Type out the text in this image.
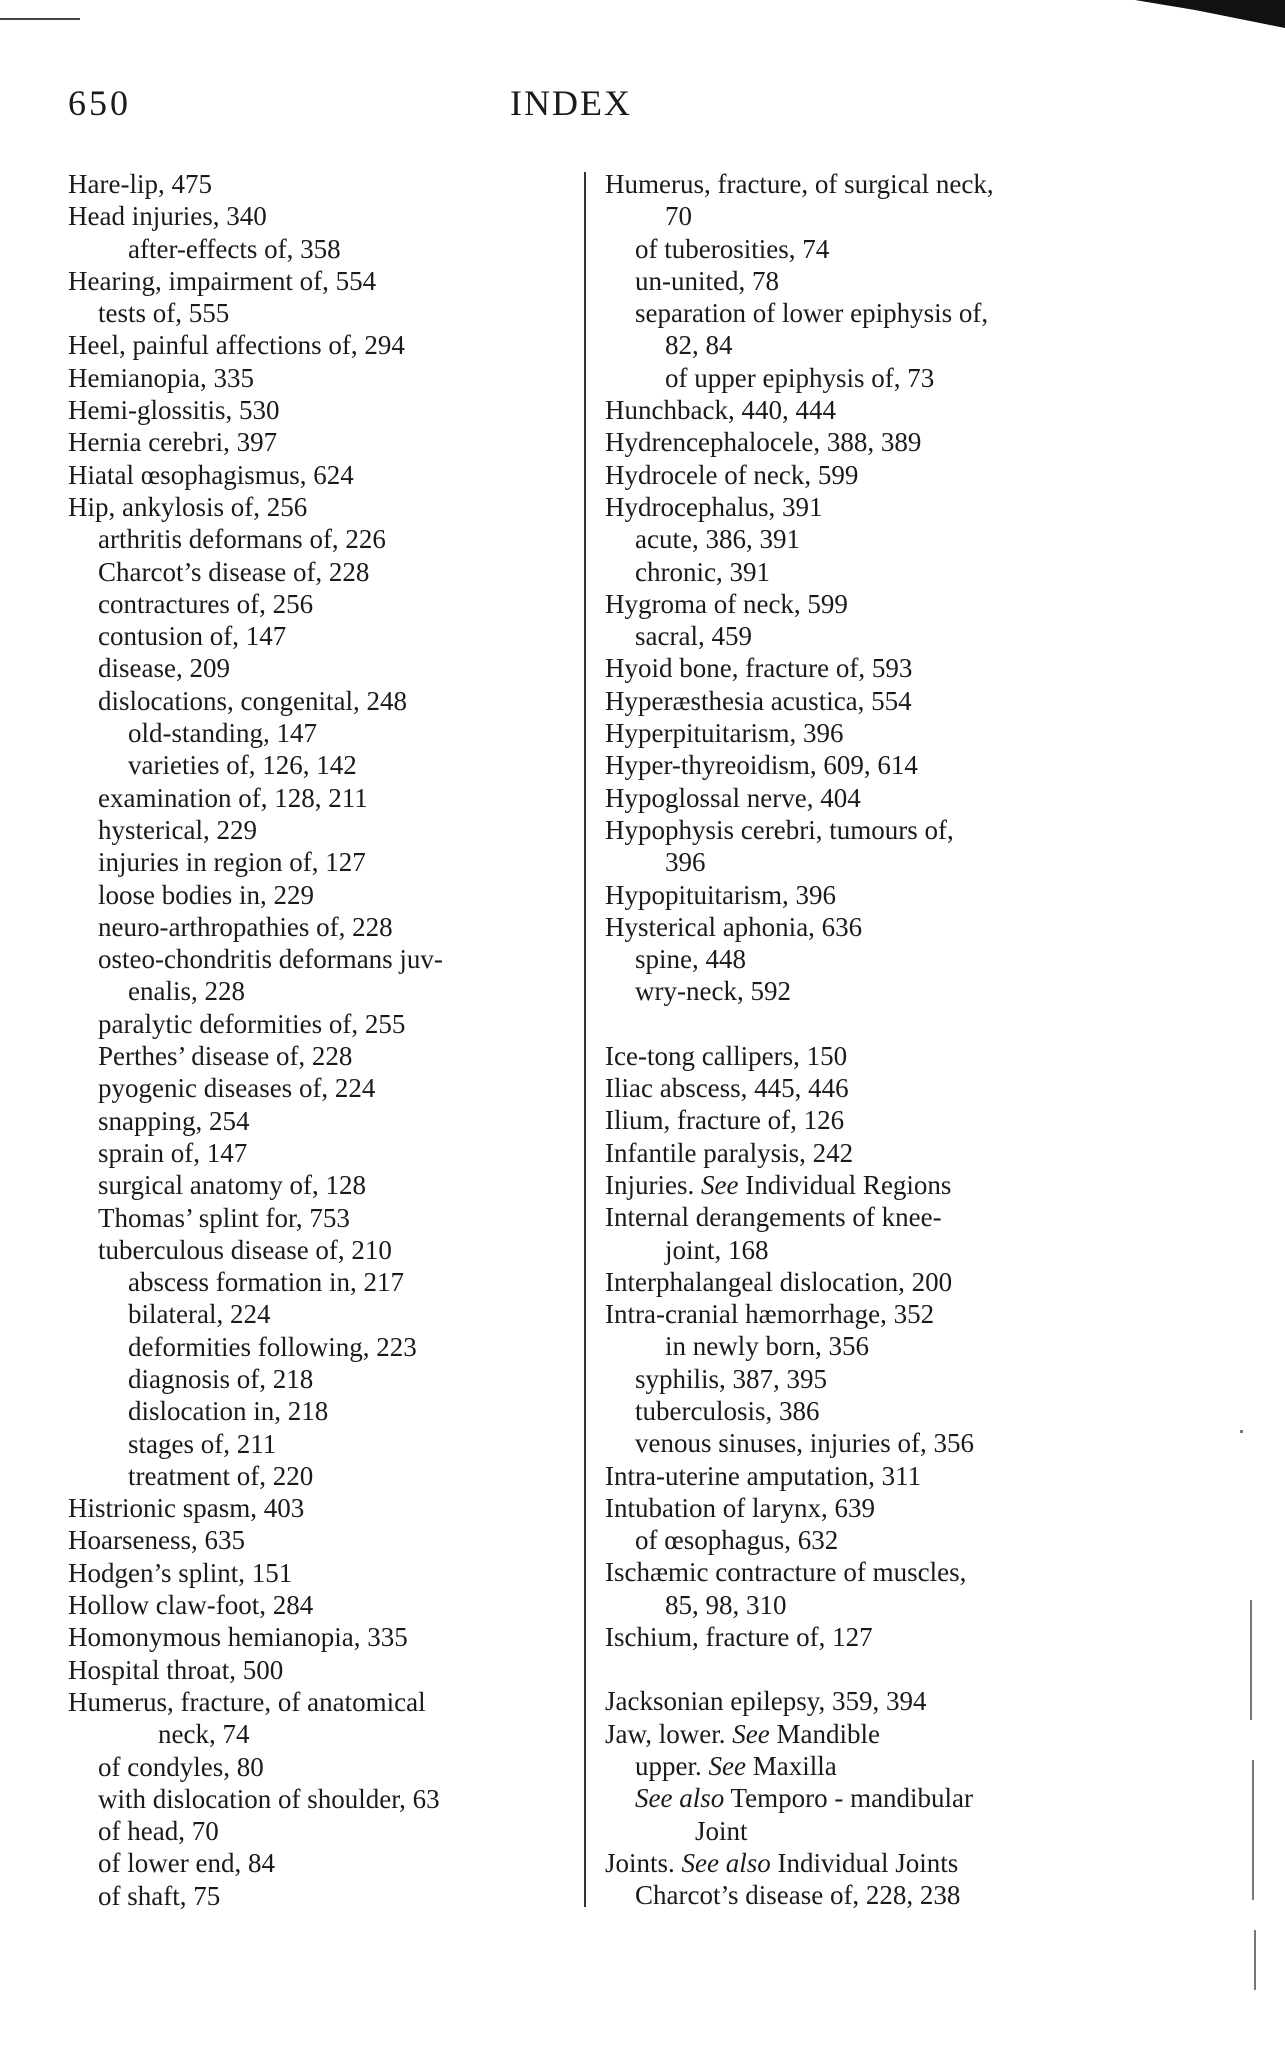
650	INDEX
Hare-lip, 475
Head injuries, 340
after-effects of, 358
Hearing, impairment of, 554
tests of, 555
Heel, painful affections of, 294
Hemianopia, 335
Hemi-glossitis, 530
Hernia cerebri, 397
Hiatal œsophagismus, 624
Hip, ankylosis of, 256
arthritis deformans of, 226
Charcot’s disease of, 228
contractures of, 256
contusion of, 147
disease, 209
dislocations, congenital, 248
old-standing, 147
varieties of, 126, 142
examination of, 128, 211
hysterical, 229
injuries in region of, 127
loose bodies in, 229
neuro-arthropathies of, 228
osteo-chondritis deformans juv-
enalis, 228
paralytic deformities of, 255
Perthes’ disease of, 228
pyogenic diseases of, 224
snapping, 254
sprain of, 147
surgical anatomy of, 128
Thomas’ splint for, 753
tuberculous disease of, 210
abscess formation in, 217
bilateral, 224
deformities following, 223
diagnosis of, 218
dislocation in, 218
stages of, 211
treatment of, 220
Histrionic spasm, 403
Hoarseness, 635
Hodgen’s splint, 151
Hollow claw-foot, 284
Homonymous hemianopia, 335
Hospital throat, 500
Humerus, fracture, of anatomical
neck, 74
of condyles, 80
with dislocation of shoulder, 63
of head, 70
of lower end, 84
of shaft, 75
Humerus, fracture, of surgical neck,
70
of tuberosities, 74
un-united, 78
separation of lower epiphysis of,
82, 84
of upper epiphysis of, 73
Hunchback, 440, 444
Hydrencephalocele, 388, 389
Hydrocele of neck, 599
Hydrocephalus, 391
acute, 386, 391
chronic, 391
Hygroma of neck, 599
sacral, 459
Hyoid bone, fracture of, 593
Hyperæsthesia acustica, 554
Hyperpituitarism, 396
Hyper-thyreoidism, 609, 614
Hypoglossal nerve, 404
Hypophysis cerebri, tumours of,
396
Hypopituitarism, 396
Hysterical aphonia, 636
spine, 448
wry-neck, 592
Ice-tong callipers, 150
Iliac abscess, 445, 446
Ilium, fracture of, 126
Infantile paralysis, 242
Injuries. See Individual Regions
Internal derangements of knee-
joint, 168
Interphalangeal dislocation, 200
Intra-cranial hæmorrhage, 352
in newly born, 356
syphilis, 387, 395
tuberculosis, 386
venous sinuses, injuries of, 356
Intra-uterine amputation, 311
Intubation of larynx, 639
of œsophagus, 632
Ischæmic contracture of muscles,
85, 98, 310
Ischium, fracture of, 127
Jacksonian epilepsy, 359, 394
Jaw, lower. See Mandible
upper. See Maxilla
See also Temporo - mandibular
Joint
Joints. See also Individual Joints
Charcot’s disease of, 228, 238
